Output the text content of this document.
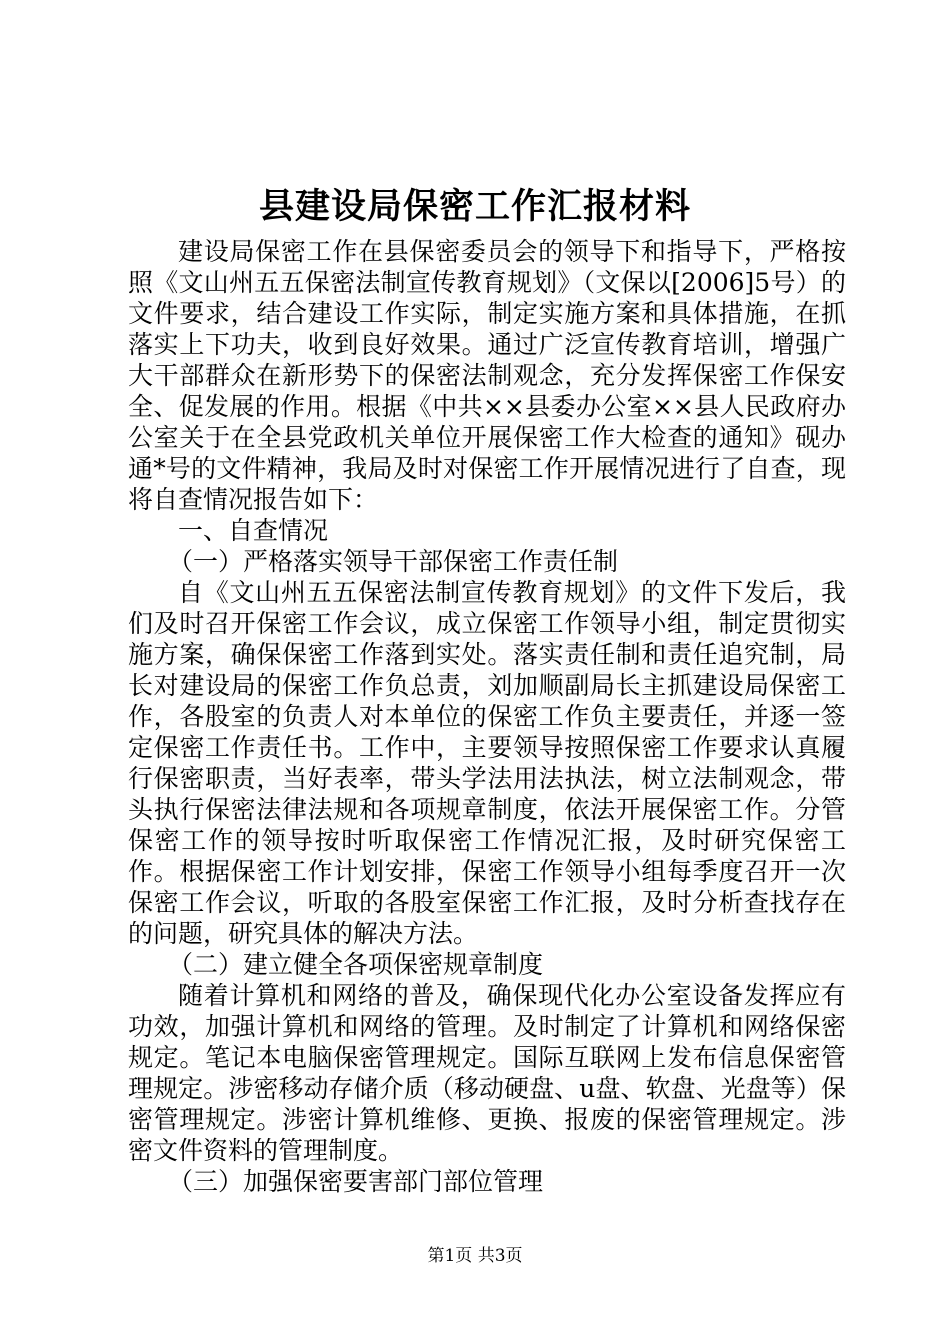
县建设局保密工作汇报材料

建设局保密工作在县保密委员会的领导下和指导下，严格按照《文山州五五保密法制宣传教育规划》（文保以[2006]5号）的文件要求，结合建设工作实际，制定实施方案和具体措施，在抓落实上下功夫，收到良好效果。通过广泛宣传教育培训，增强广大干部群众在新形势下的保密法制观念，充分发挥保密工作保安全、促发展的作用。根据《中共××县委办公室××县人民政府办公室关于在全县党政机关单位开展保密工作大检查的通知》砚办通*号的文件精神，我局及时对保密工作开展情况进行了自查，现将自查情况报告如下：

一、自查情况

（一）严格落实领导干部保密工作责任制

自《文山州五五保密法制宣传教育规划》的文件下发后，我们及时召开保密工作会议，成立保密工作领导小组，制定贯彻实施方案，确保保密工作落到实处。落实责任制和责任追究制，局长对建设局的保密工作负总责，刘加顺副局长主抓建设局保密工作，各股室的负责人对本单位的保密工作负主要责任，并逐一签定保密工作责任书。工作中，主要领导按照保密工作要求认真履行保密职责，当好表率，带头学法用法执法，树立法制观念，带头执行保密法律法规和各项规章制度，依法开展保密工作。分管保密工作的领导按时听取保密工作情况汇报，及时研究保密工作。根据保密工作计划安排，保密工作领导小组每季度召开一次保密工作会议，听取的各股室保密工作汇报，及时分析查找存在的问题，研究具体的解决方法。

（二）建立健全各项保密规章制度

随着计算机和网络的普及，确保现代化办公室设备发挥应有功效，加强计算机和网络的管理。及时制定了计算机和网络保密规定。笔记本电脑保密管理规定。国际互联网上发布信息保密管理规定。涉密移动存储介质（移动硬盘、u盘、软盘、光盘等）保密管理规定。涉密计算机维修、更换、报废的保密管理规定。涉密文件资料的管理制度。

（三）加强保密要害部门部位管理

第1页 共3页
